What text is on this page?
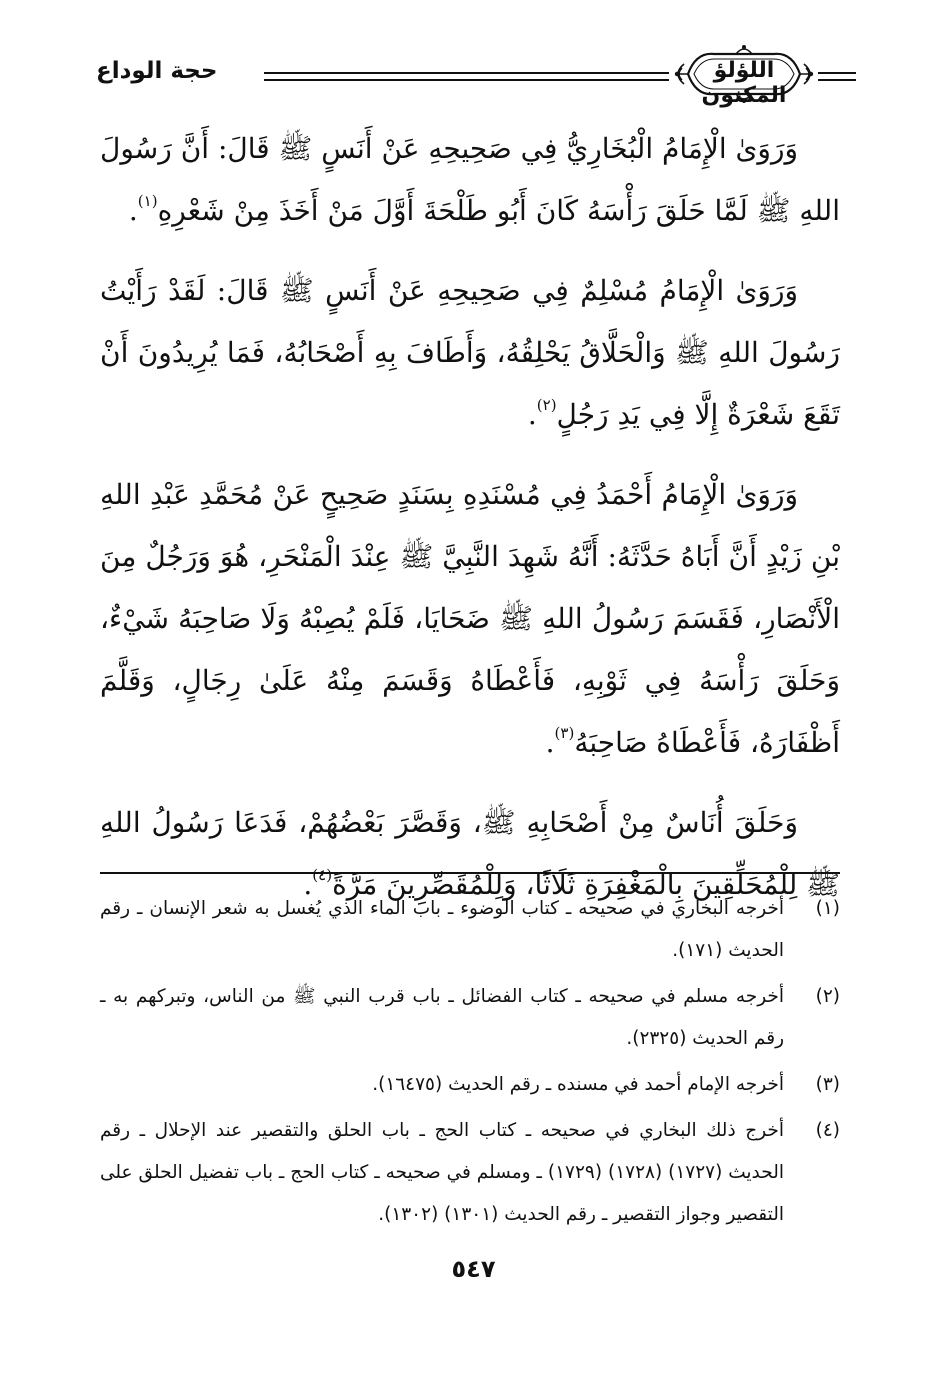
اللؤلؤ المكنون
حجة الوداع

وَرَوَىٰ الْإِمَامُ الْبُخَارِيُّ فِي صَحِيحِهِ عَنْ أَنَسٍ ﷺ قَالَ: أَنَّ رَسُولَ اللهِ ﷺ لَمَّا حَلَقَ رَأْسَهُ كَانَ أَبُو طَلْحَةَ أَوَّلَ مَنْ أَخَذَ مِنْ شَعْرِهِ$^{(١)}$.

وَرَوَىٰ الْإِمَامُ مُسْلِمٌ فِي صَحِيحِهِ عَنْ أَنَسٍ ﷺ قَالَ: لَقَدْ رَأَيْتُ رَسُولَ اللهِ ﷺ وَالْحَلَّاقُ يَحْلِقُهُ، وَأَطَافَ بِهِ أَصْحَابُهُ، فَمَا يُرِيدُونَ أَنْ تَقَعَ شَعْرَةٌ إِلَّا فِي يَدِ رَجُلٍ$^{(٢)}$.

وَرَوَىٰ الْإِمَامُ أَحْمَدُ فِي مُسْنَدِهِ بِسَنَدٍ صَحِيحٍ عَنْ مُحَمَّدِ عَبْدِ اللهِ بْنِ زَيْدٍ أَنَّ أَبَاهُ حَدَّثَهُ: أَنَّهُ شَهِدَ النَّبِيَّ ﷺ عِنْدَ الْمَنْحَرِ، هُوَ وَرَجُلٌ مِنَ الْأَنْصَارِ، فَقَسَمَ رَسُولُ اللهِ ﷺ ضَحَايَا، فَلَمْ يُصِبْهُ وَلَا صَاحِبَهُ شَيْءٌ، وَحَلَقَ رَأْسَهُ فِي ثَوْبِهِ، فَأَعْطَاهُ وَقَسَمَ مِنْهُ عَلَىٰ رِجَالٍ، وَقَلَّمَ أَظْفَارَهُ، فَأَعْطَاهُ صَاحِبَهُ$^{(٣)}$.

وَحَلَقَ أُنَاسٌ مِنْ أَصْحَابِهِ ﷺ، وَقَصَّرَ بَعْضُهُمْ، فَدَعَا رَسُولُ اللهِ ﷺ لِلْمُحَلِّقِينَ بِالْمَغْفِرَةِ ثَلَاثًا، وَلِلْمُقَصِّرِينَ مَرَّةً$^{(٤)}$.

(١)
أخرجه البخاري في صحيحه ـ كتاب الوضوء ـ باب الماء الذي يُغسل به شعر الإنسان ـ رقم الحديث (١٧١).
(٢)
أخرجه مسلم في صحيحه ـ كتاب الفضائل ـ باب قرب النبي ﷺ من الناس، وتبركهم به ـ رقم الحديث (٢٣٢٥).
(٣)
أخرجه الإمام أحمد في مسنده ـ رقم الحديث (١٦٤٧٥).
(٤)
أخرج ذلك البخاري في صحيحه ـ كتاب الحج ـ باب الحلق والتقصير عند الإحلال ـ رقم الحديث (١٧٢٧) (١٧٢٨) (١٧٢٩) ـ ومسلم في صحيحه ـ كتاب الحج ـ باب تفضيل الحلق على التقصير وجواز التقصير ـ رقم الحديث (١٣٠١) (١٣٠٢).
٥٤٧
